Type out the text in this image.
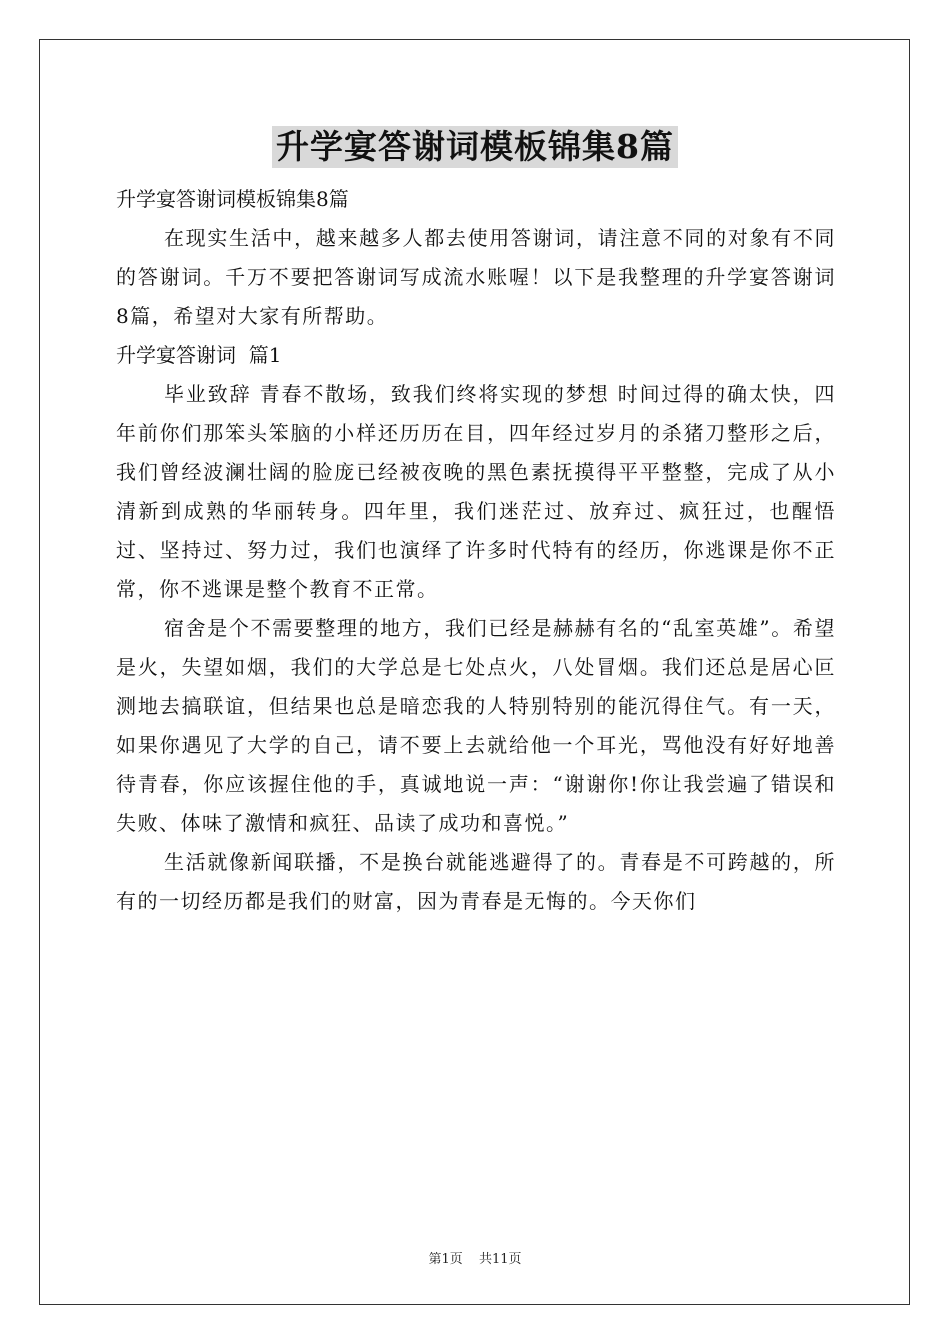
升学宴答谢词模板锦集8篇

升学宴答谢词模板锦集8篇

在现实生活中，越来越多人都去使用答谢词，请注意不同的对象有不同的答谢词。千万不要把答谢词写成流水账喔！以下是我整理的升学宴答谢词8篇，希望对大家有所帮助。

升学宴答谢词  篇1

毕业致辞 青春不散场，致我们终将实现的梦想 时间过得的确太快，四年前你们那笨头笨脑的小样还历历在目，四年经过岁月的杀猪刀整形之后，我们曾经波澜壮阔的脸庞已经被夜晚的黑色素抚摸得平平整整，完成了从小清新到成熟的华丽转身。四年里，我们迷茫过、放弃过、疯狂过，也醒悟过、坚持过、努力过，我们也演绎了许多时代特有的经历，你逃课是你不正常，你不逃课是整个教育不正常。

宿舍是个不需要整理的地方，我们已经是赫赫有名的“乱室英雄”。希望是火，失望如烟，我们的大学总是七处点火，八处冒烟。我们还总是居心叵测地去搞联谊，但结果也总是暗恋我的人特别特别的能沉得住气。有一天，如果你遇见了大学的自己，请不要上去就给他一个耳光，骂他没有好好地善待青春，你应该握住他的手，真诚地说一声：“谢谢你!你让我尝遍了错误和失败、体味了激情和疯狂、品读了成功和喜悦。”

生活就像新闻联播，不是换台就能逃避得了的。青春是不可跨越的，所有的一切经历都是我们的财富，因为青春是无悔的。今天你们

第1页 共11页
